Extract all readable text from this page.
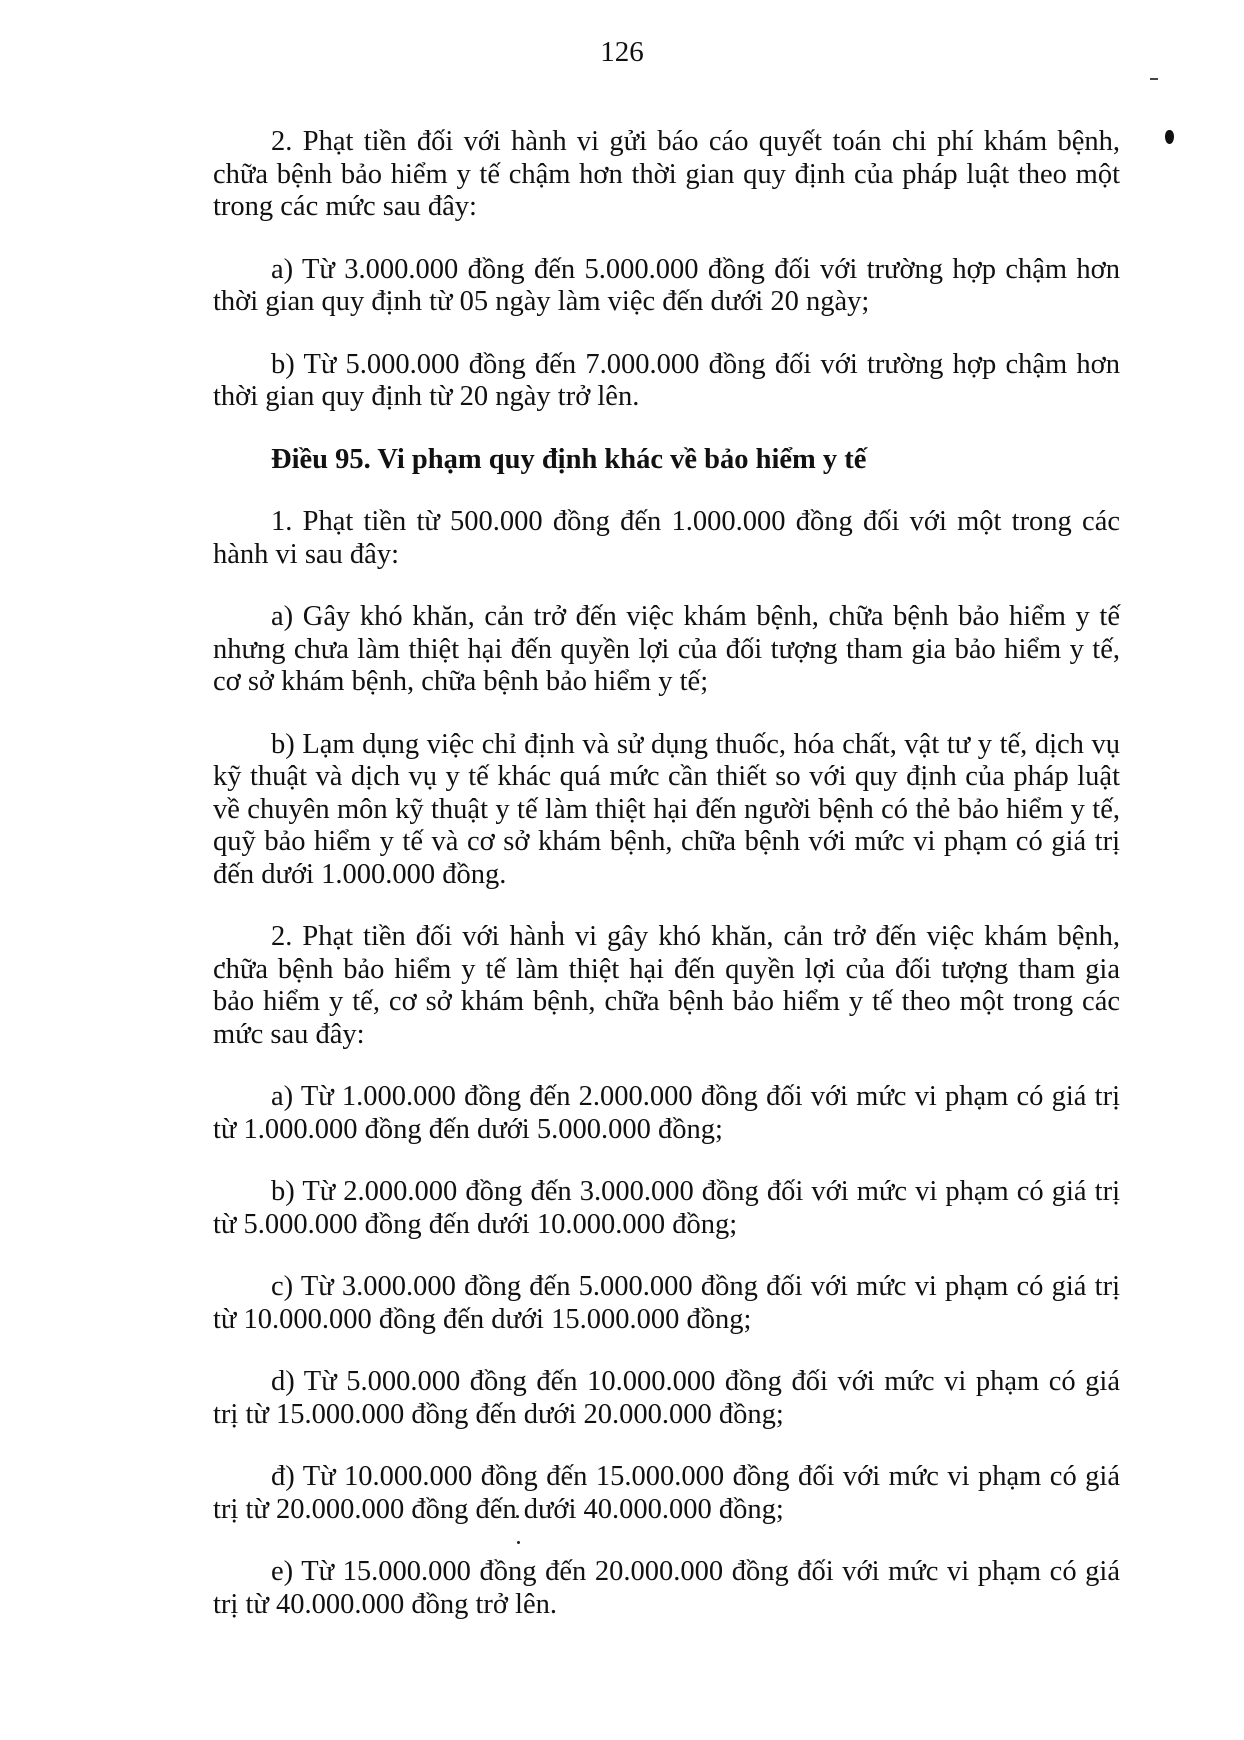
126

2. Phạt tiền đối với hành vi gửi báo cáo quyết toán chi phí khám bệnh, chữa bệnh bảo hiểm y tế chậm hơn thời gian quy định của pháp luật theo một trong các mức sau đây:

a) Từ 3.000.000 đồng đến 5.000.000 đồng đối với trường hợp chậm hơn thời gian quy định từ 05 ngày làm việc đến dưới 20 ngày;

b) Từ 5.000.000 đồng đến 7.000.000 đồng đối với trường hợp chậm hơn thời gian quy định từ 20 ngày trở lên.

Điều 95. Vi phạm quy định khác về bảo hiểm y tế

1. Phạt tiền từ 500.000 đồng đến 1.000.000 đồng đối với một trong các hành vi sau đây:

a) Gây khó khăn, cản trở đến việc khám bệnh, chữa bệnh bảo hiểm y tế nhưng chưa làm thiệt hại đến quyền lợi của đối tượng tham gia bảo hiểm y tế, cơ sở khám bệnh, chữa bệnh bảo hiểm y tế;

b) Lạm dụng việc chỉ định và sử dụng thuốc, hóa chất, vật tư y tế, dịch vụ kỹ thuật và dịch vụ y tế khác quá mức cần thiết so với quy định của pháp luật về chuyên môn kỹ thuật y tế làm thiệt hại đến người bệnh có thẻ bảo hiểm y tế, quỹ bảo hiểm y tế và cơ sở khám bệnh, chữa bệnh với mức vi phạm có giá trị đến dưới 1.000.000 đồng.

2. Phạt tiền đối với hành vi gây khó khăn, cản trở đến việc khám bệnh, chữa bệnh bảo hiểm y tế làm thiệt hại đến quyền lợi của đối tượng tham gia bảo hiểm y tế, cơ sở khám bệnh, chữa bệnh bảo hiểm y tế theo một trong các mức sau đây:

a) Từ 1.000.000 đồng đến 2.000.000 đồng đối với mức vi phạm có giá trị từ 1.000.000 đồng đến dưới 5.000.000 đồng;

b) Từ 2.000.000 đồng đến 3.000.000 đồng đối với mức vi phạm có giá trị từ 5.000.000 đồng đến dưới 10.000.000 đồng;

c) Từ 3.000.000 đồng đến 5.000.000 đồng đối với mức vi phạm có giá trị từ 10.000.000 đồng đến dưới 15.000.000 đồng;

d) Từ 5.000.000 đồng đến 10.000.000 đồng đối với mức vi phạm có giá trị từ 15.000.000 đồng đến dưới 20.000.000 đồng;

đ) Từ 10.000.000 đồng đến 15.000.000 đồng đối với mức vi phạm có giá trị từ 20.000.000 đồng đến dưới 40.000.000 đồng;

e) Từ 15.000.000 đồng đến 20.000.000 đồng đối với mức vi phạm có giá trị từ 40.000.000 đồng trở lên.
